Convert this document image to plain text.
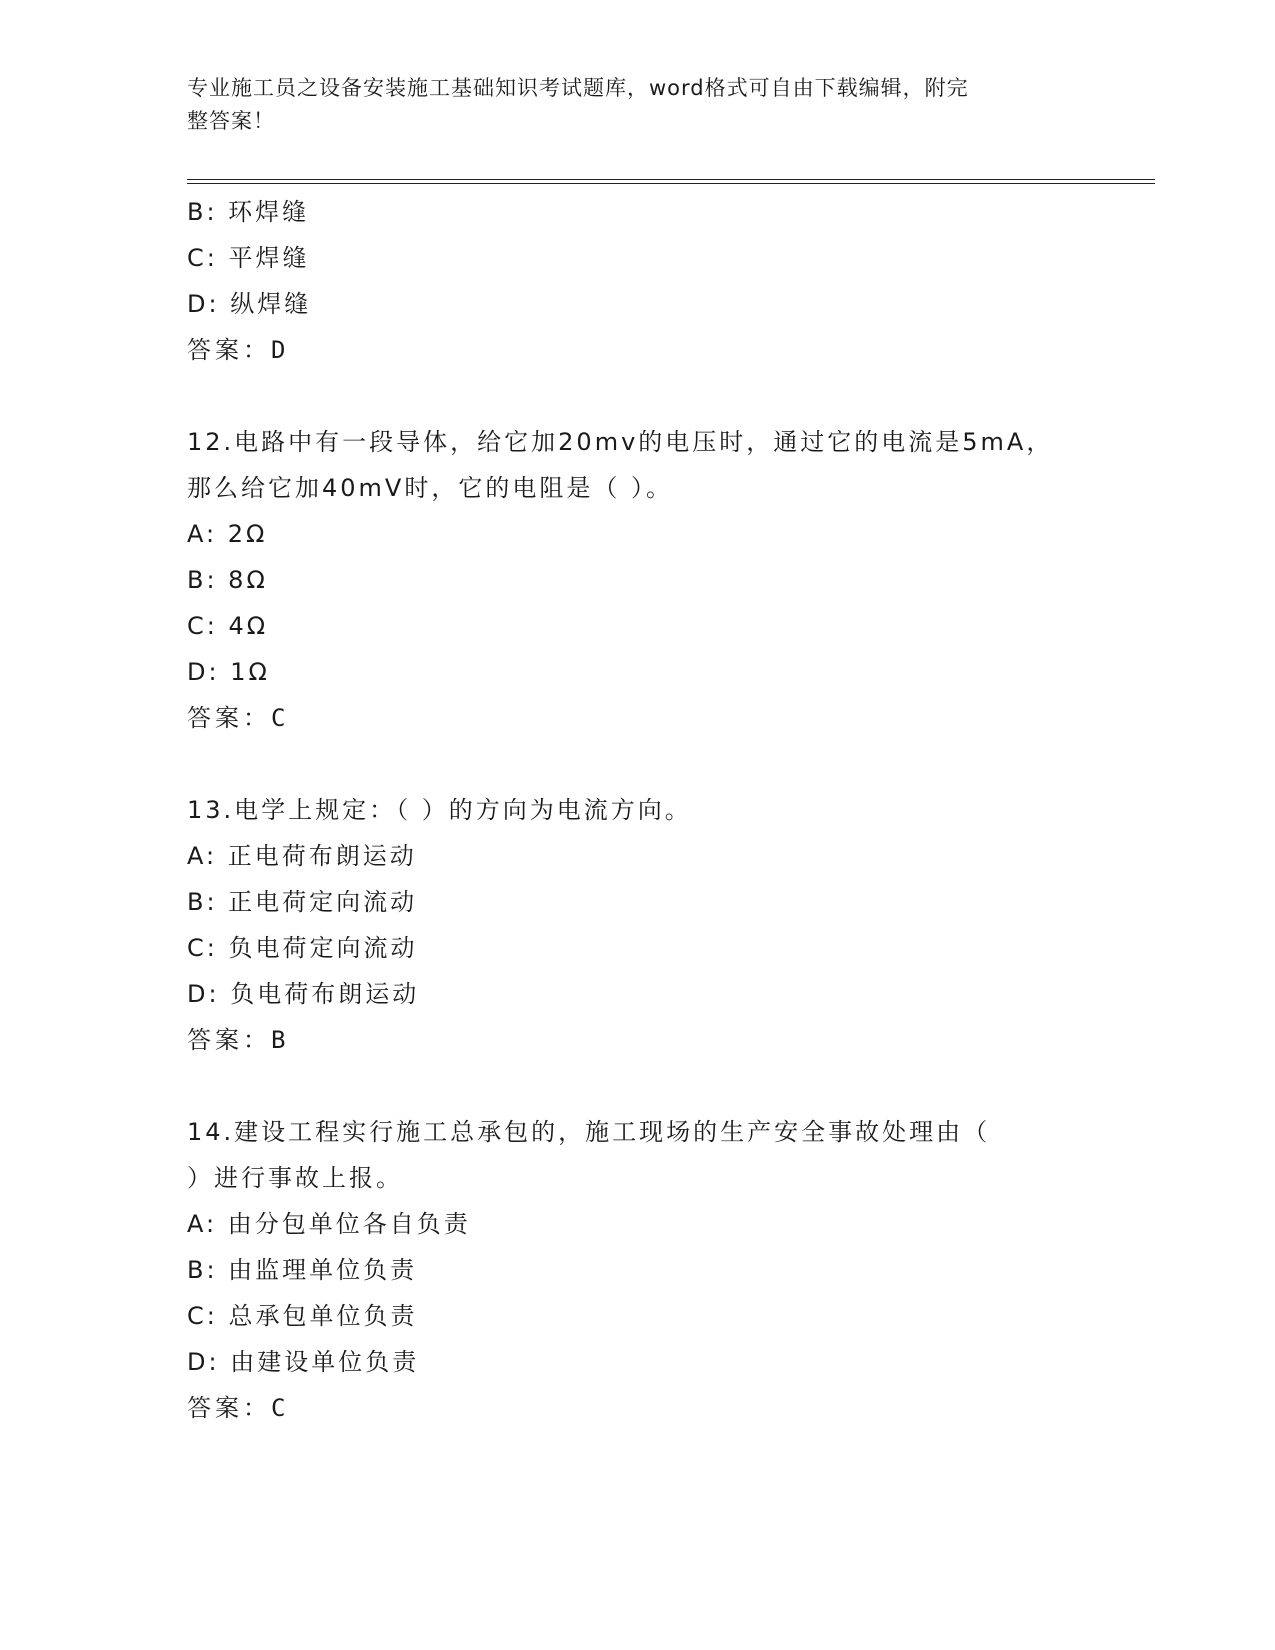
专业施工员之设备安装施工基础知识考试题库，word格式可自由下载编辑，附完
整答案！
B: 环焊缝
C: 平焊缝
D: 纵焊缝
答案：D
12.电路中有一段导体，给它加20mv的电压时，通过它的电流是5mA，
那么给它加40mV时，它的电阻是（ ）。
A: 2Ω
B: 8Ω
C: 4Ω
D: 1Ω
答案：C
13.电学上规定：（ ）的方向为电流方向。
A: 正电荷布朗运动
B: 正电荷定向流动
C: 负电荷定向流动
D: 负电荷布朗运动
答案：B
14.建设工程实行施工总承包的，施工现场的生产安全事故处理由（
）进行事故上报。
A: 由分包单位各自负责
B: 由监理单位负责
C: 总承包单位负责
D: 由建设单位负责
答案：C
